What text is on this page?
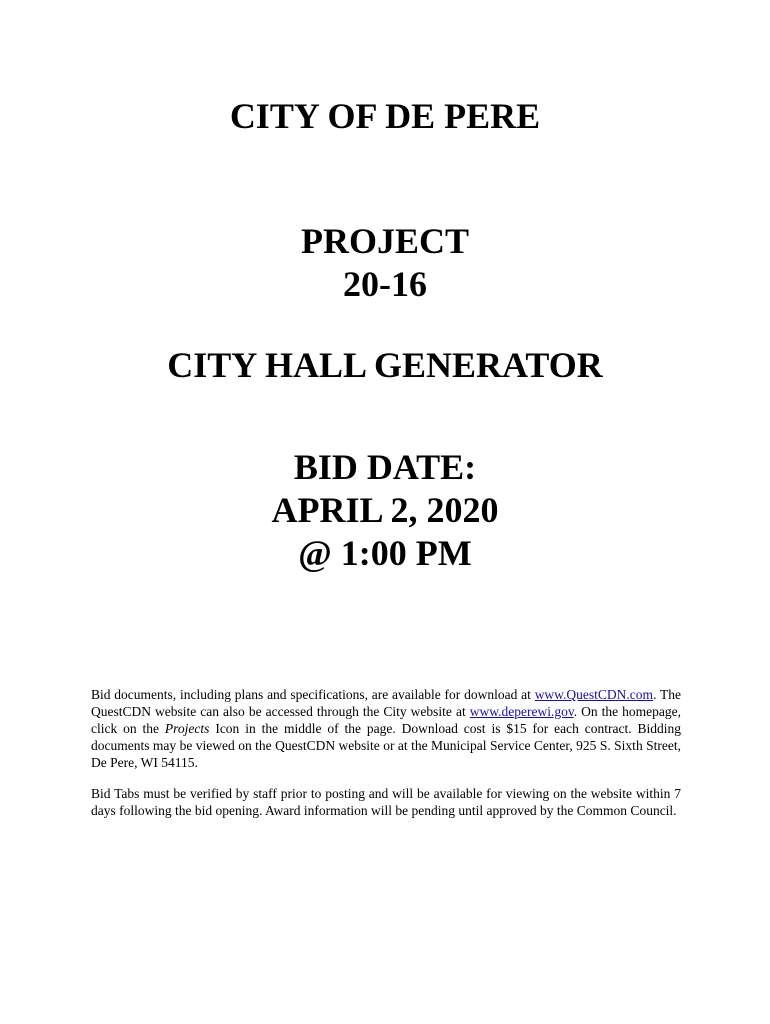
CITY OF DE PERE
PROJECT
20-16
CITY HALL GENERATOR
BID DATE:
APRIL 2, 2020
@ 1:00 PM

Bid documents, including plans and specifications, are available for download at www.QuestCDN.com. The QuestCDN website can also be accessed through the City website at www.deperewi.gov. On the homepage, click on the Projects Icon in the middle of the page. Download cost is $15 for each contract. Bidding documents may be viewed on the QuestCDN website or at the Municipal Service Center, 925 S. Sixth Street, De Pere, WI 54115.

Bid Tabs must be verified by staff prior to posting and will be available for viewing on the website within 7 days following the bid opening. Award information will be pending until approved by the Common Council.
